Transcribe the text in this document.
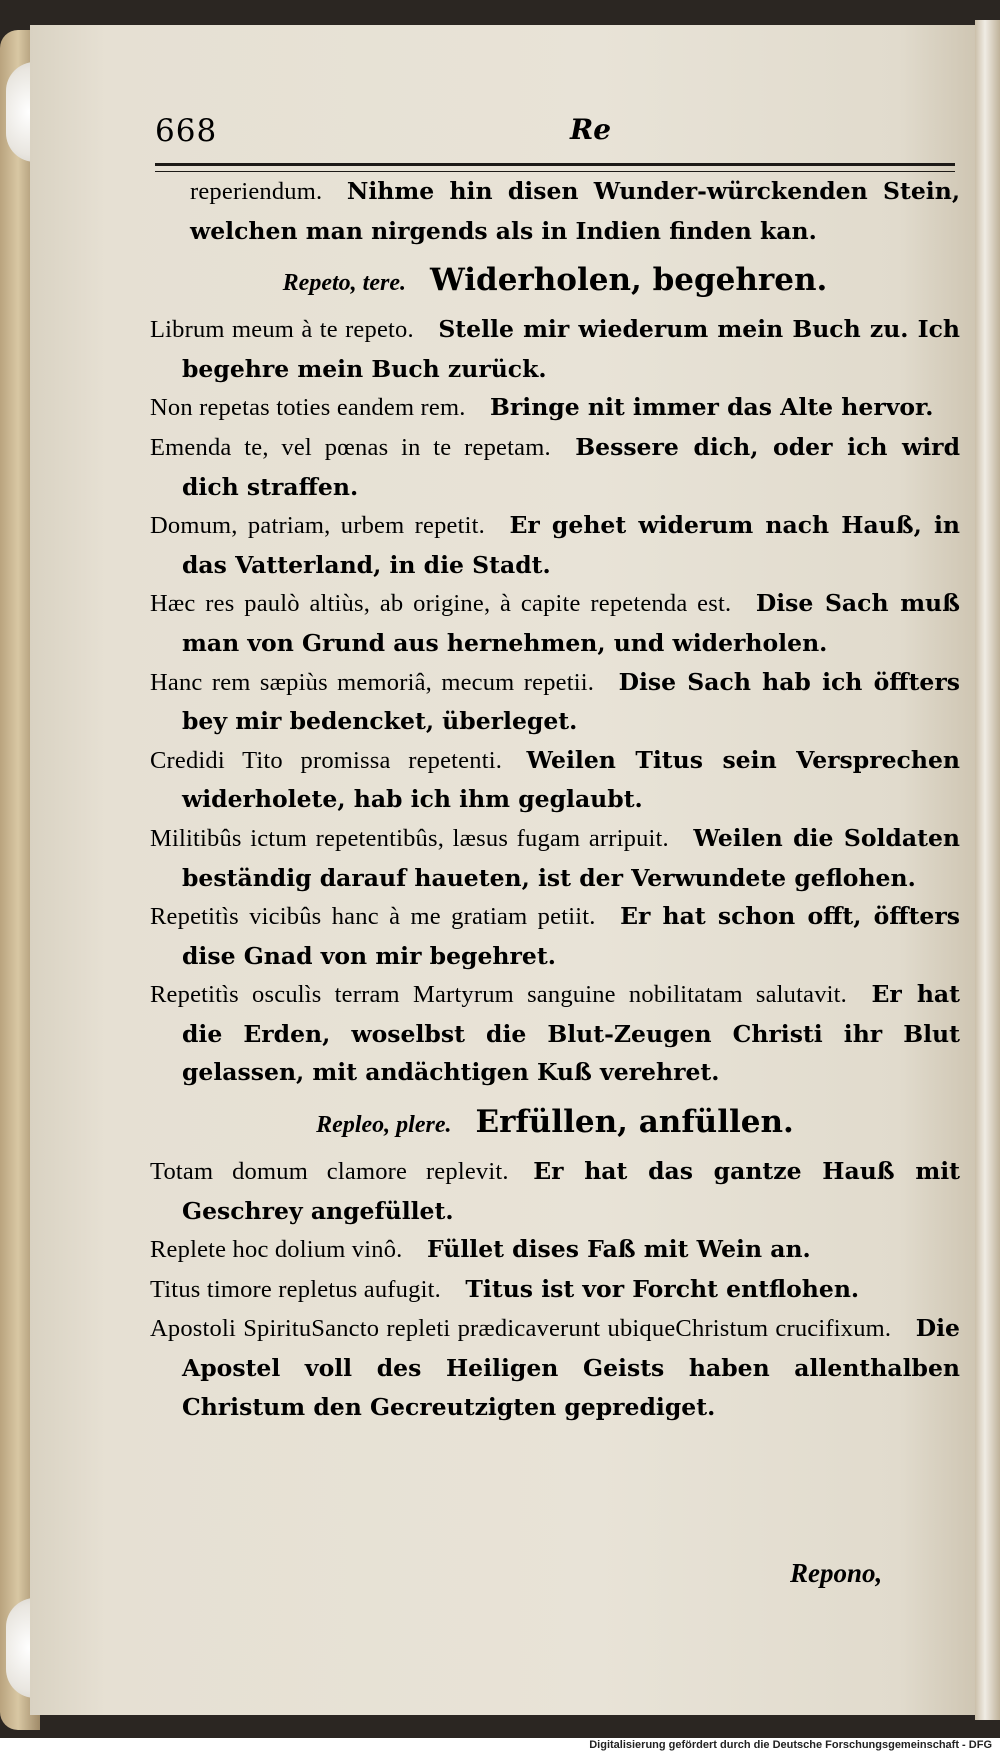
668	Re
reperiendum.  Nihme hin disen Wunder-würckenden Stein, welchen man nirgends als in Indien finden kan.
Repeto, tere.  Widerholen, begehren.
Librum meum à te repeto.  Stelle mir wiederum mein Buch zu. Ich begehre mein Buch zurück.
Non repetas toties eandem rem.  Bringe nit immer das Alte hervor.
Emenda te, vel pœnas in te repetam.  Bessere dich, oder ich wird dich straffen.
Domum, patriam, urbem repetit.  Er gehet widerum nach Hauß, in das Vatterland, in die Stadt.
Hæc res paulò altiùs, ab origine, à capite repetenda est.  Dise Sach muß man von Grund aus hernehmen, und widerholen.
Hanc rem sæpiùs memoriâ, mecum repetii.  Dise Sach hab ich öffters bey mir bedencket, überleget.
Credidi Tito promissa repetenti.  Weilen Titus sein Versprechen widerholete, hab ich ihm geglaubt.
Militibûs ictum repetentibûs, læsus fugam arripuit.  Weilen die Soldaten beständig darauf haueten, ist der Verwundete geflohen.
Repetitìs vicibûs hanc à me gratiam petiit.  Er hat schon offt, öffters dise Gnad von mir begehret.
Repetitìs osculìs terram Martyrum sanguine nobilitatam salutavit.  Er hat die Erden, woselbst die Blut-Zeugen Christi ihr Blut gelassen, mit andächtigen Kuß verehret.
Repleo, plere.  Erfüllen, anfüllen.
Totam domum clamore replevit.  Er hat das gantze Hauß mit Geschrey angefüllet.
Replete hoc dolium vinô.  Füllet dises Faß mit Wein an.
Titus timore repletus aufugit.  Titus ist vor Forcht entflohen.
Apostoli SpirituSancto repleti prædicaverunt ubiqueChristum crucifixum.  Die Apostel voll des Heiligen Geists haben allenthalben Christum den Gecreutzigten geprediget.
Repono,
Digitalisierung gefördert durch die Deutsche Forschungsgemeinschaft - DFG
